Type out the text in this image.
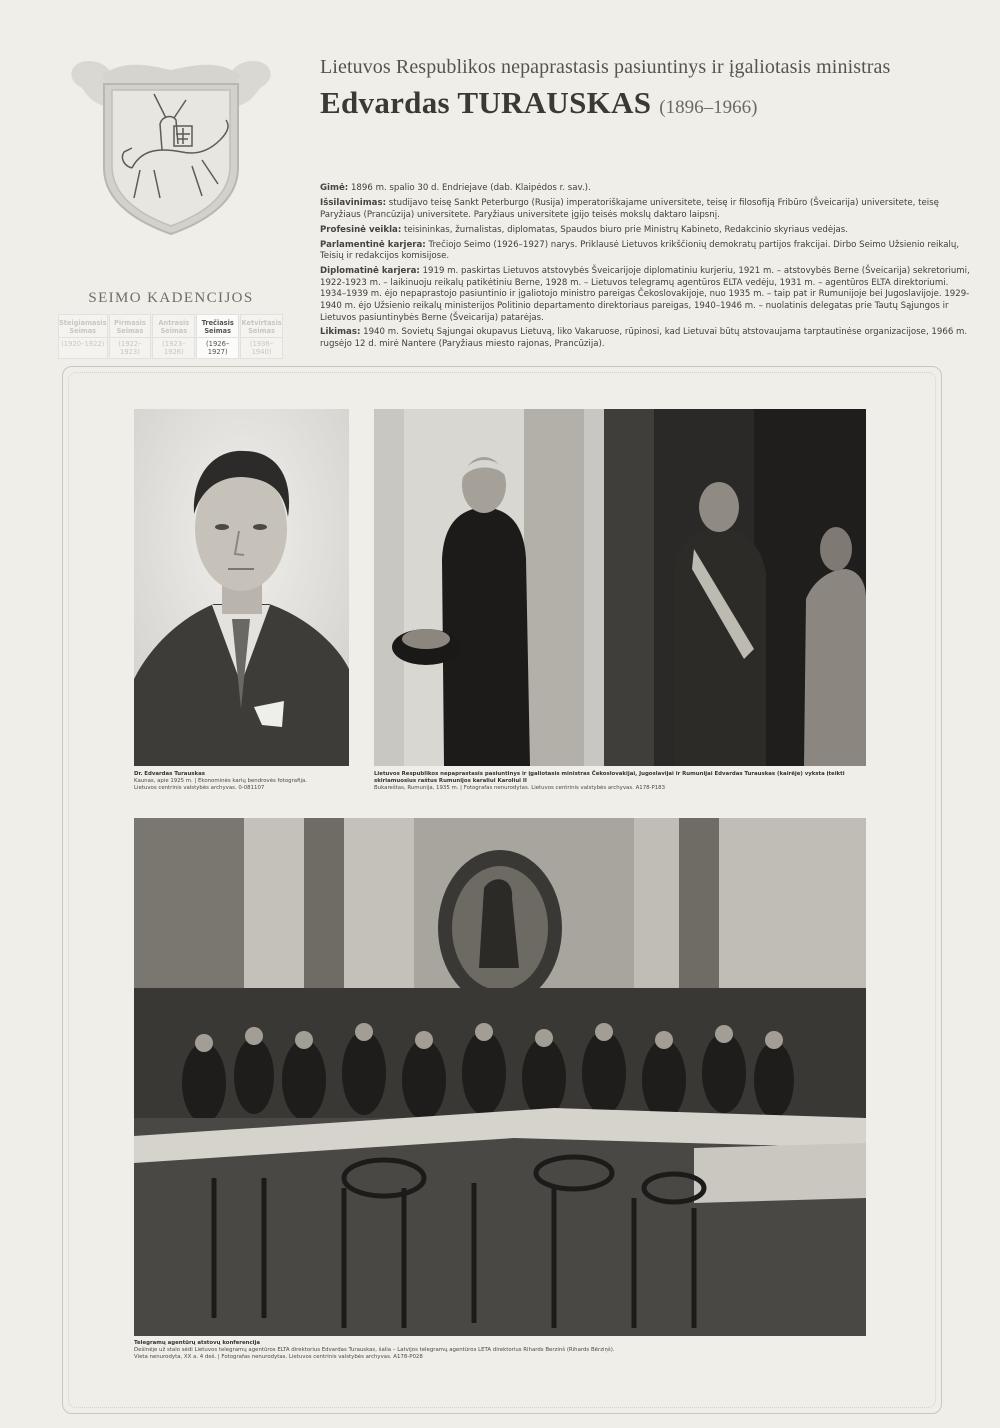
Lietuvos Respublikos nepaprastasis pasiuntinys ir įgaliotasis ministras
Edvardas TURAUSKAS (1896–1966)

Gimė: 1896 m. spalio 30 d. Endriejave (dab. Klaipėdos r. sav.).

Išsilavinimas: studijavo teisę Sankt Peterburgo (Rusija) imperatoriškajame universitete, teisę ir filosofiją Fribūro (Šveicarija) universitete, teisę Paryžiaus (Prancūzija) universitete. Paryžiaus universitete įgijo teisės mokslų daktaro laipsnį.

Profesinė veikla: teisininkas, žurnalistas, diplomatas, Spaudos biuro prie Ministrų Kabineto, Redakcinio skyriaus vedėjas.

Parlamentinė karjera: Trečiojo Seimo (1926–1927) narys. Priklausė Lietuvos krikščionių demokratų partijos frakcijai. Dirbo Seimo Užsienio reikalų, Teisių ir redakcijos komisijose.

Diplomatinė karjera: 1919 m. paskirtas Lietuvos atstovybės Šveicarijoje diplomatiniu kurjeriu, 1921 m. – atstovybės Berne (Šveicarija) sekretoriumi, 1922-1923 m. – laikinuoju reikalų patikėtiniu Berne, 1928 m. – Lietuvos telegramų agentūros ELTA vedėju, 1931 m. – agentūros ELTA direktoriumi. 1934–1939 m. ėjo nepaprastojo pasiuntinio ir įgaliotojo ministro pareigas Čekoslovakijoje, nuo 1935 m. – taip pat ir Rumunijoje bei Jugoslavijoje. 1929-1940 m. ėjo Užsienio reikalų ministerijos Politinio departamento direktoriaus pareigas, 1940–1946 m. – nuolatinis delegatas prie Tautų Sąjungos ir Lietuvos pasiuntinybės Berne (Šveicarija) patarėjas.

Likimas: 1940 m. Sovietų Sąjungai okupavus Lietuvą, liko Vakaruose, rūpinosi, kad Lietuvai būtų atstovaujama tarptautinėse organizacijose, 1966 m. rugsėjo 12 d. mirė Nantere (Paryžiaus miesto rajonas, Prancūzija).

SEIMO KADENCIJOS
Steigiamasis Seimas
(1920–1922)
Pirmasis Seimas
(1922–1923)
Antrasis Seimas
(1923–1926)
Trečiasis Seimas
(1926–1927)
Ketvirtasis Seimas
(1936–1940)
Dr. Edvardas Turauskas
Kaunas, apie 1925 m. | Ekonominės karių bendrovės fotografija.
Lietuvos centrinis valstybės archyvas. 0-081107
Lietuvos Respublikos nepaprastasis pasiuntinys ir įgaliotasis ministras Čekoslovakijai, Jugoslavijai ir Rumunijai Edvardas Turauskas (kairėje) vyksta įteikti skiriamuosius raštus Rumunijos karaliui Karoliui II
Bukareštas, Rumunija, 1935 m. | Fotografas nenurodytas. Lietuvos centrinis valstybės archyvas. A178-P183
Telegramų agentūrų atstovų konferencija
Dešinėje už stalo sėdi Lietuvos telegramų agentūros ELTA direktorius Edvardas Turauskas, šalia – Latvijos telegramų agentūros LETA direktorius Rihards Berzinš (Rihards Bērziņš).
Vieta nenurodyta, XX a. 4 deš. | Fotografas nenurodytas. Lietuvos centrinis valstybės archyvas. A178-P028
